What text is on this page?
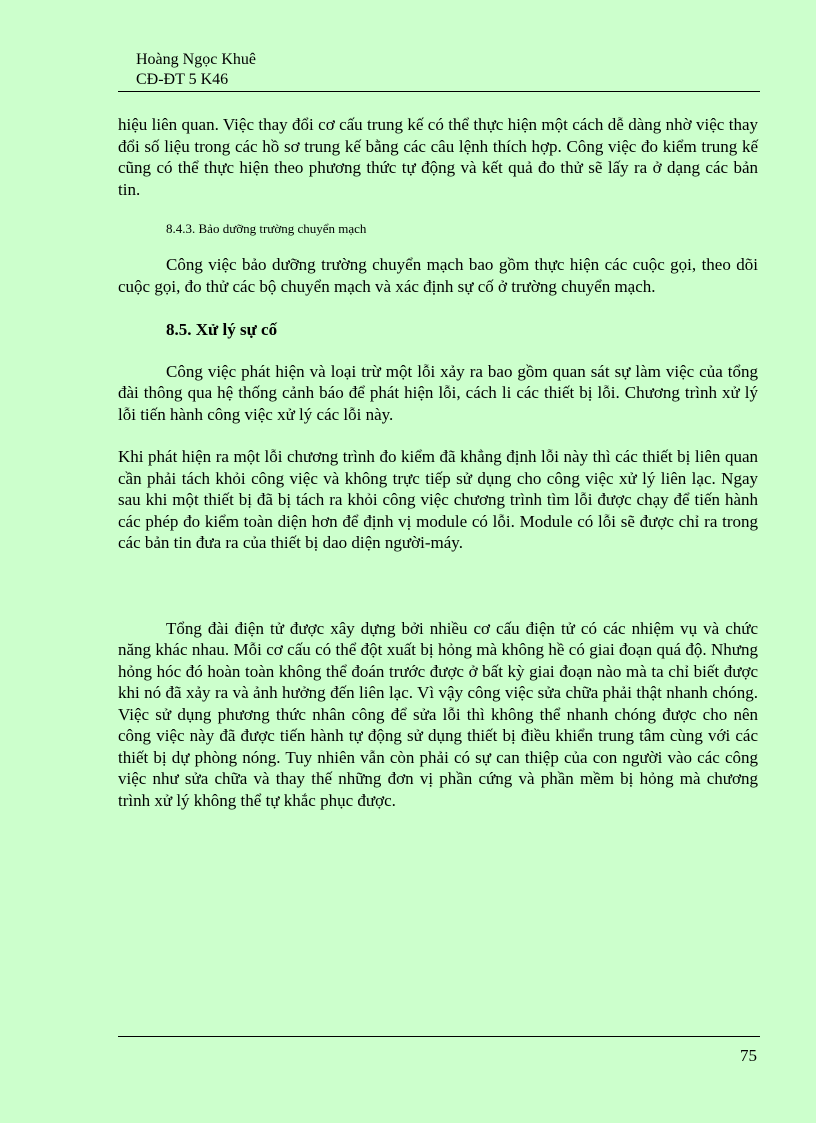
Hoàng Ngọc Khuê
CĐ-ĐT 5 K46

hiệu liên quan. Việc thay đổi cơ cấu trung kế có thể thực hiện một cách dễ dàng nhờ việc thay đổi số liệu trong các hồ sơ trung kế bằng các câu lệnh thích hợp. Công việc đo kiểm trung kế cũng có thể thực hiện theo phương thức tự động và kết quả đo thử sẽ lấy ra ở dạng các bản tin.

8.4.3. Bảo dưỡng trường chuyển mạch

Công việc bảo dưỡng trường chuyển mạch bao gồm thực hiện các cuộc gọi, theo dõi cuộc gọi, đo thử các bộ chuyển mạch và xác định sự cố ở trường chuyển mạch.

8.5. Xử lý sự cố

Công việc phát hiện và loại trừ một lỗi xảy ra bao gồm quan sát sự làm việc của tổng đài thông qua hệ thống cảnh báo để phát hiện lỗi, cách li các thiết bị lỗi. Chương trình xử lý lỗi tiến hành công việc xử lý các lỗi này.

Khi phát hiện ra một lỗi chương trình đo kiểm đã khẳng định lỗi này thì các thiết bị liên quan cần phải tách khỏi công việc và không trực tiếp sử dụng cho công việc xử lý liên lạc. Ngay sau khi một thiết bị đã bị tách ra khỏi công việc chương trình tìm lỗi được chạy để tiến hành các phép đo kiểm toàn diện hơn để định vị module có lỗi. Module có lỗi sẽ được chỉ ra trong các bản tin đưa ra của thiết bị dao diện người-máy.

Tổng đài điện tử được xây dựng bởi nhiều cơ cấu điện tử có các nhiệm vụ và chức năng khác nhau. Mỗi cơ cấu có thể đột xuất bị hỏng mà không hề có giai đoạn quá độ. Nhưng hỏng hóc đó hoàn toàn không thể đoán trước được ở bất kỳ giai đoạn nào mà ta chỉ biết được khi nó đã xảy ra và ảnh hưởng đến liên lạc. Vì vậy công việc sửa chữa phải thật nhanh chóng. Việc sử dụng phương thức nhân công để sửa lỗi thì không thể nhanh chóng được cho nên công việc này đã được tiến hành tự động sử dụng thiết bị điều khiển trung tâm cùng với các thiết bị dự phòng nóng. Tuy nhiên vẫn còn phải có sự can thiệp của con người vào các công việc như sửa chữa và thay thế những đơn vị phần cứng và phần mềm bị hỏng mà chương trình xử lý không thể tự khắc phục được.

75
